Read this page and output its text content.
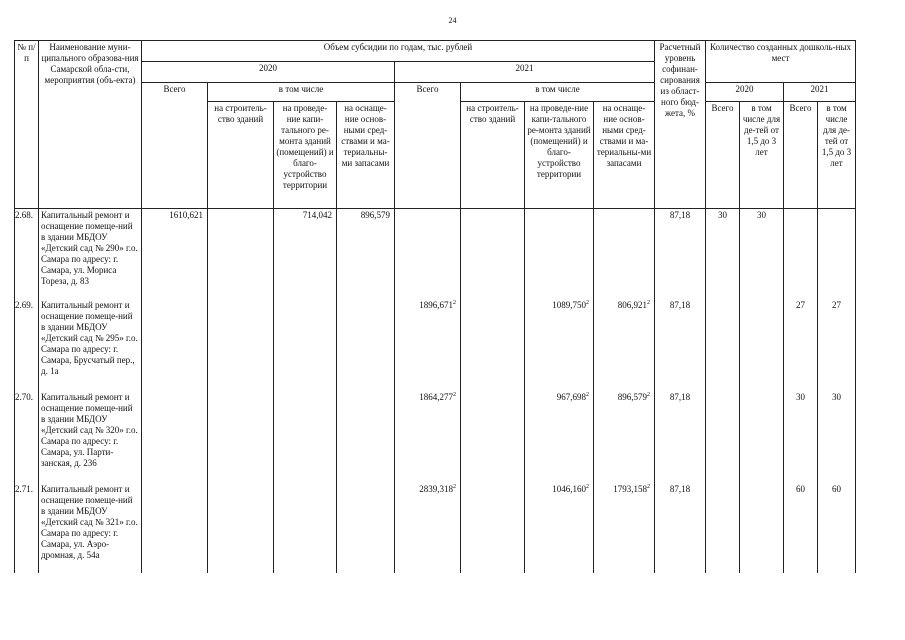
24
№ п/п	Наименование муни-ципального образова-ния Самарской обла-сти, мероприятия (объ-екта)	Объем субсидии по годам, тыс. рублей								Расчетный уровень софинан-сирования из област-ного бюд-жета, %	Количество созданных дошколь-ных мест			
		2020				2021								
		Всего	в том числе			Всего	в том числе				2020		2021	
			на строитель-ство зданий	на проведе-ние капи-тального ре-монта зданий (помещений) и благо-устройство территории	на оснаще-ние основ-ными сред-ствами и ма-териальны-ми запасами		на строитель-ство зданий	на проведе-ние капи-тального ре-монта зданий (помещений) и благо-устройство территории	на оснаще-ние основ-ными сред-ствами и ма-териальны-ми запасами		Всего	в том числе для де-тей от 1,5 до 3 лет	Всего	в том числе для де-тей от 1,5 до 3 лет
2.68.	Капитальный ремонт и оснащение помеще-ний в здании МБДОУ «Детский сад № 290» г.о. Самара по адресу: г. Самара, ул. Мориса Тореза, д. 83	1610,621		714,042	896,579					87,18	30	30		
2.69.	Капитальный ремонт и оснащение помеще-ний в здании МБДОУ «Детский сад № 295» г.о. Самара по адресу: г. Самара, Брусчатый пер., д. 1а					1896,671$^2$		1089,750$^2$	806,921$^2$	87,18			27	27
2.70.	Капитальный ремонт и оснащение помеще-ний в здании МБДОУ «Детский сад № 320» г.о. Самара по адресу: г. Самара, ул. Парти-занская, д. 236					1864,277$^2$		967,698$^2$	896,579$^2$	87,18			30	30
2.71.	Капитальный ремонт и оснащение помеще-ний в здании МБДОУ «Детский сад № 321» г.о. Самара по адресу: г. Самара, ул. Аэро-дромная, д. 54а					2839,318$^2$		1046,160$^2$	1793,158$^2$	87,18			60	60
